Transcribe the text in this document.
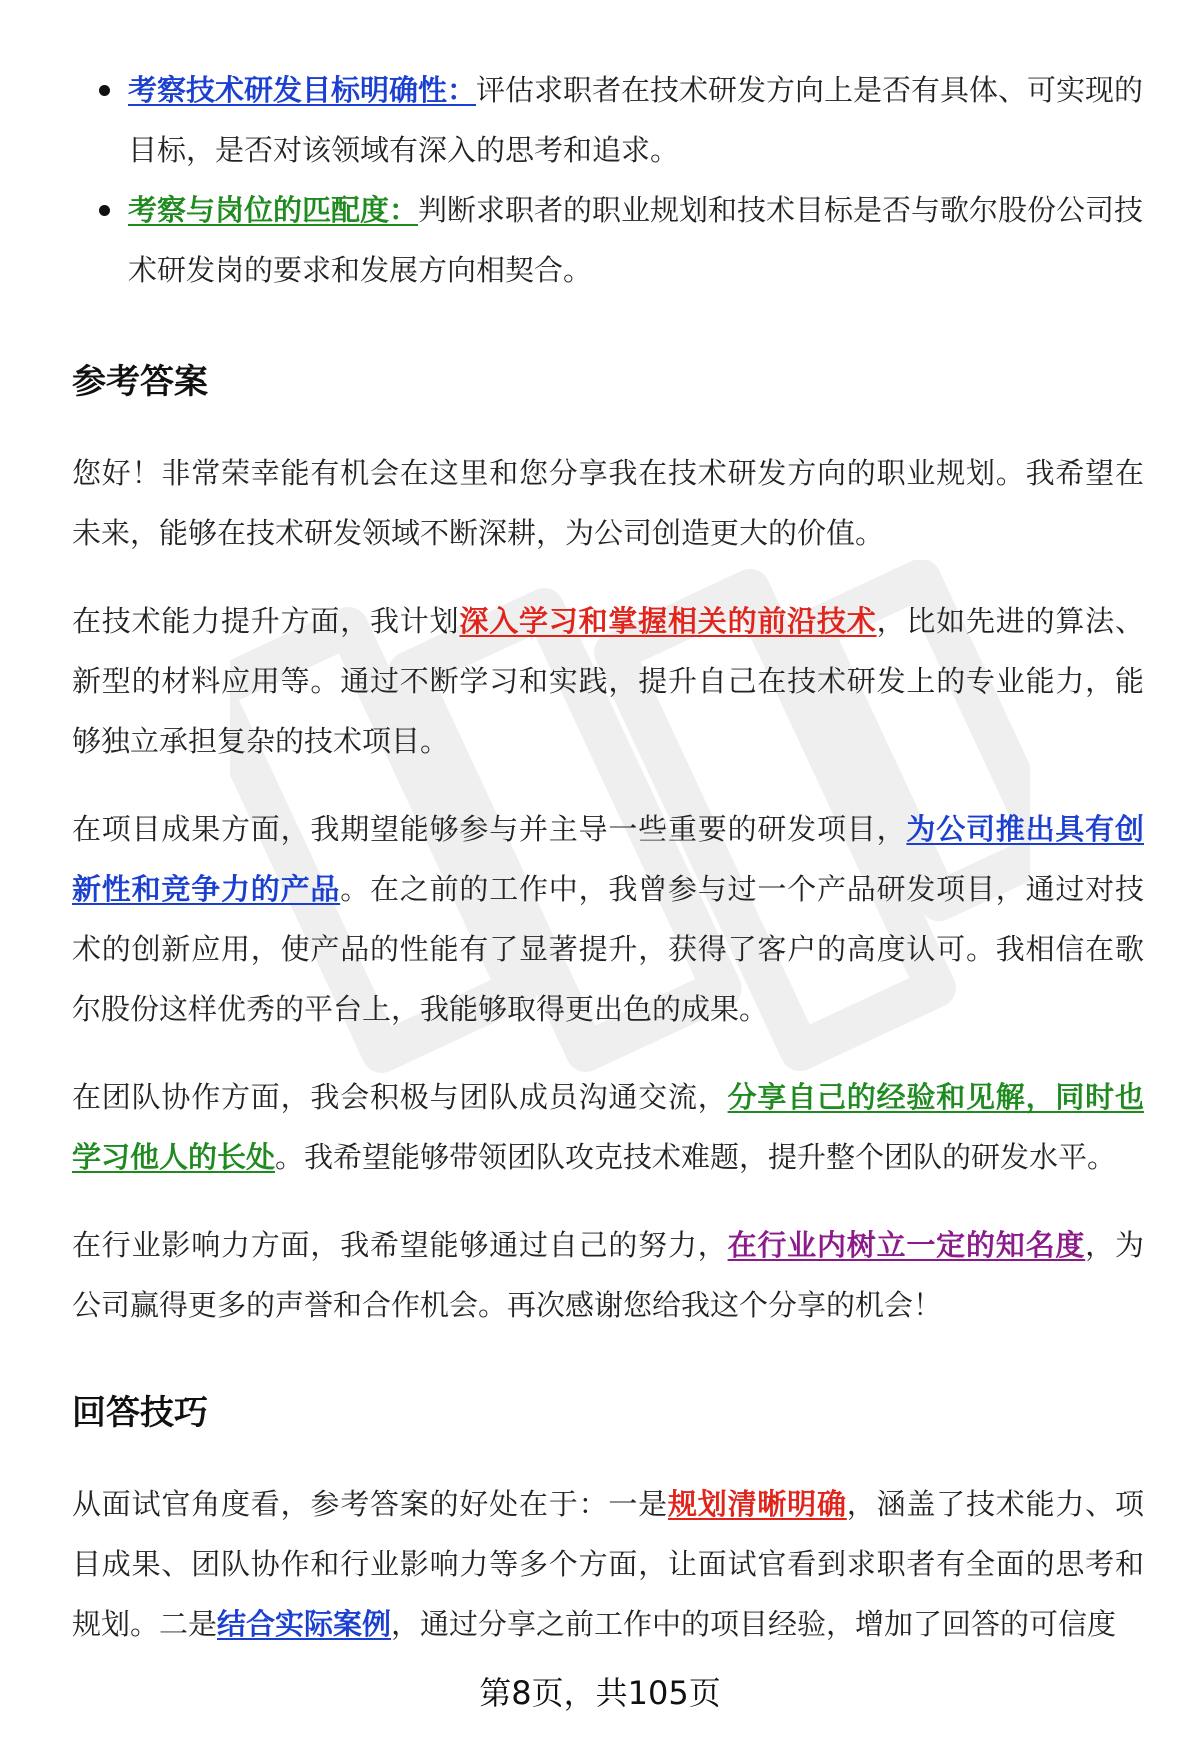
考察技术研发目标明确性：评估求职者在技术研发方向上是否有具体、可实现的目标，是否对该领域有深入的思考和追求。
考察与岗位的匹配度：判断求职者的职业规划和技术目标是否与歌尔股份公司技术研发岗的要求和发展方向相契合。
参考答案

您好！非常荣幸能有机会在这里和您分享我在技术研发方向的职业规划。我希望在未来，能够在技术研发领域不断深耕，为公司创造更大的价值。

在技术能力提升方面，我计划深入学习和掌握相关的前沿技术，比如先进的算法、新型的材料应用等。通过不断学习和实践，提升自己在技术研发上的专业能力，能够独立承担复杂的技术项目。

在项目成果方面，我期望能够参与并主导一些重要的研发项目，为公司推出具有创新性和竞争力的产品。在之前的工作中，我曾参与过一个产品研发项目，通过对技术的创新应用，使产品的性能有了显著提升，获得了客户的高度认可。我相信在歌尔股份这样优秀的平台上，我能够取得更出色的成果。

在团队协作方面，我会积极与团队成员沟通交流，分享自己的经验和见解，同时也学习他人的长处。我希望能够带领团队攻克技术难题，提升整个团队的研发水平。

在行业影响力方面，我希望能够通过自己的努力，在行业内树立一定的知名度，为公司赢得更多的声誉和合作机会。再次感谢您给我这个分享的机会！

回答技巧

从面试官角度看，参考答案的好处在于：一是规划清晰明确，涵盖了技术能力、项目成果、团队协作和行业影响力等多个方面，让面试官看到求职者有全面的思考和规划。二是结合实际案例，通过分享之前工作中的项目经验，增加了回答的可信度

第8页，共105页
